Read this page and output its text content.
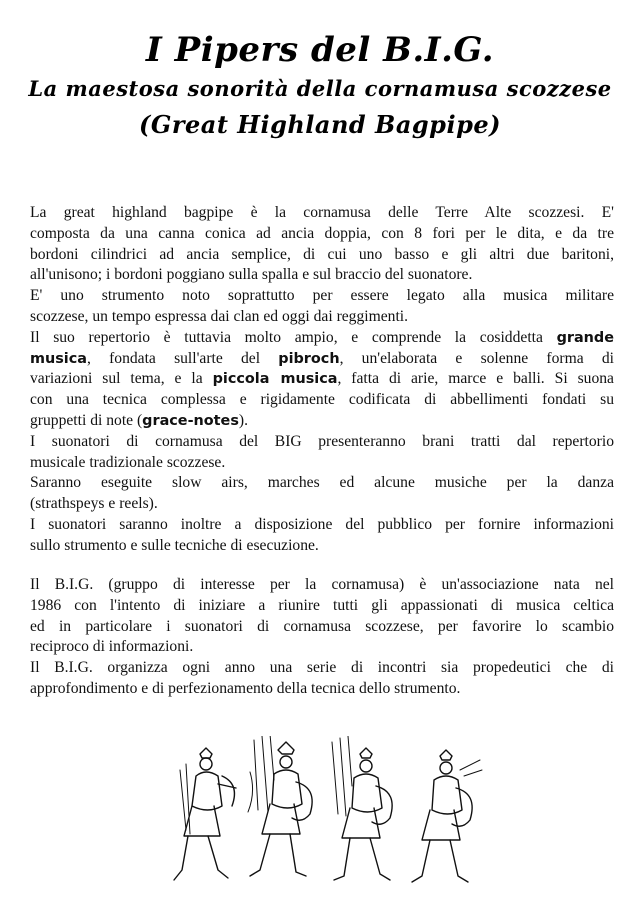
I Pipers del B.I.G.
La maestosa sonorità della cornamusa scozzese
(Great Highland Bagpipe)
La great highland bagpipe è la cornamusa delle Terre Alte scozzesi. E'
composta da una canna conica ad ancia doppia, con 8 fori per le dita, e da tre
bordoni cilindrici ad ancia semplice, di cui uno basso e gli altri due baritoni,
all'unisono; i bordoni poggiano sulla spalla e sul braccio del suonatore.
E' uno strumento noto soprattutto per essere legato alla musica militare
scozzese, un tempo espressa dai clan ed oggi dai reggimenti.
Il suo repertorio è tuttavia molto ampio, e comprende la cosiddetta grande
musica, fondata sull'arte del pibroch, un'elaborata e solenne forma di
variazioni sul tema, e la piccola musica, fatta di arie, marce e balli. Si suona
con una tecnica complessa e rigidamente codificata di abbellimenti fondati su
gruppetti di note (grace-notes).
I suonatori di cornamusa del BIG presenteranno brani tratti dal repertorio
musicale tradizionale scozzese.
Saranno eseguite slow airs, marches ed alcune musiche per la danza
(strathspeys e reels).
I suonatori saranno inoltre a disposizione del pubblico per fornire informazioni
sullo strumento e sulle tecniche di esecuzione.
Il B.I.G. (gruppo di interesse per la cornamusa) è un'associazione nata nel
1986 con l'intento di iniziare a riunire tutti gli appassionati di musica celtica
ed in particolare i suonatori di cornamusa scozzese, per favorire lo scambio
reciproco di informazioni.
Il B.I.G. organizza ogni anno una serie di incontri sia propedeutici che di
approfondimento e di perfezionamento della tecnica dello strumento.
